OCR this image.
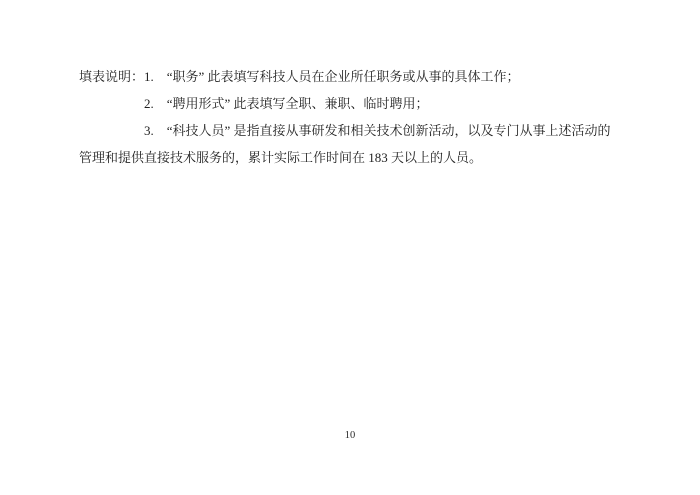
填表说明：1.　“职务” 此表填写科技人员在企业所任职务或从事的具体工作；
2.　“聘用形式” 此表填写全职、兼职、临时聘用；
3.　“科技人员” 是指直接从事研发和相关技术创新活动，以及专门从事上述活动的
管理和提供直接技术服务的，累计实际工作时间在 183 天以上的人员。
10
